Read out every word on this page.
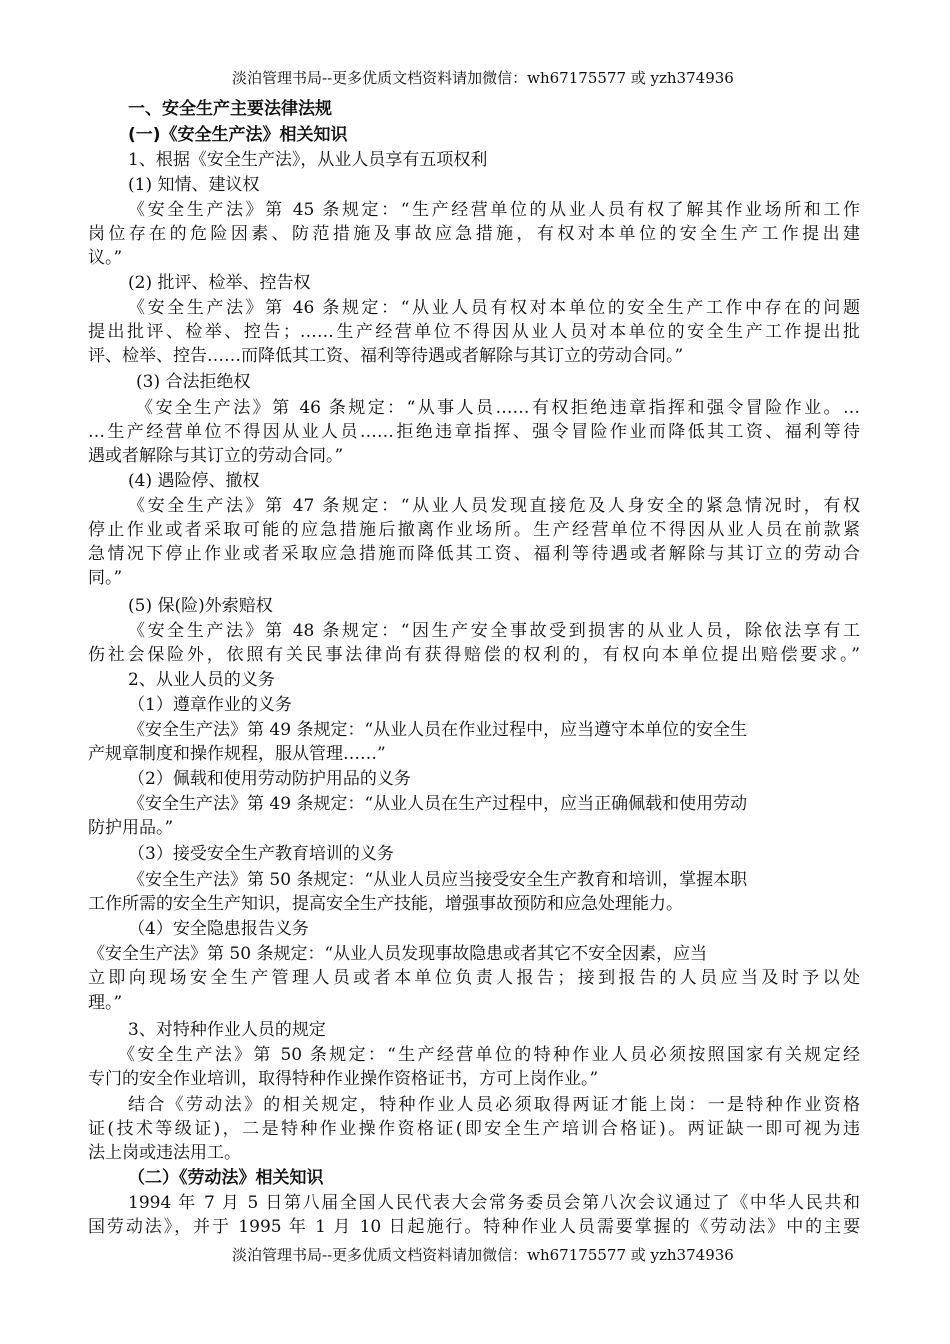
淡泊管理书局--更多优质文档资料请加微信：wh67175577 或 yzh374936
一、安全生产主要法律法规
(一)《安全生产法》相关知识
1、根据《安全生产法》，从业人员享有五项权利
(1) 知情、建议权
《安全生产法》第 45 条规定：“生产经营单位的从业人员有权了解其作业场所和工作
岗位存在的危险因素、防范措施及事故应急措施，有权对本单位的安全生产工作提出建
议。”
(2) 批评、检举、控告权
《安全生产法》第 46 条规定：“从业人员有权对本单位的安全生产工作中存在的问题
提出批评、检举、控告；……生产经营单位不得因从业人员对本单位的安全生产工作提出批
评、检举、控告……而降低其工资、福利等待遇或者解除与其订立的劳动合同。”
(3) 合法拒绝权
《安全生产法》第 46 条规定：“从事人员……有权拒绝违章指挥和强令冒险作业。…
…生产经营单位不得因从业人员……拒绝违章指挥、强令冒险作业而降低其工资、福利等待
遇或者解除与其订立的劳动合同。”
(4) 遇险停、撤权
《安全生产法》第 47 条规定：“从业人员发现直接危及人身安全的紧急情况时，有权
停止作业或者采取可能的应急措施后撤离作业场所。生产经营单位不得因从业人员在前款紧
急情况下停止作业或者采取应急措施而降低其工资、福利等待遇或者解除与其订立的劳动合
同。”
(5) 保(险)外索赔权
《安全生产法》第 48 条规定：“因生产安全事故受到损害的从业人员，除依法享有工
伤社会保险外，依照有关民事法律尚有获得赔偿的权利的，有权向本单位提出赔偿要求。”
2、从业人员的义务
（1）遵章作业的义务
《安全生产法》第 49 条规定：“从业人员在作业过程中，应当遵守本单位的安全生
产规章制度和操作规程，服从管理……”
（2）佩载和使用劳动防护用品的义务
《安全生产法》第 49 条规定：“从业人员在生产过程中，应当正确佩载和使用劳动
防护用品。”
（3）接受安全生产教育培训的义务
《安全生产法》第 50 条规定：“从业人员应当接受安全生产教育和培训，掌握本职
工作所需的安全生产知识，提高安全生产技能，增强事故预防和应急处理能力。
（4）安全隐患报告义务
《安全生产法》第 50 条规定：“从业人员发现事故隐患或者其它不安全因素，应当
立即向现场安全生产管理人员或者本单位负责人报告；接到报告的人员应当及时予以处
理。”
3、对特种作业人员的规定
《安全生产法》第 50 条规定：“生产经营单位的特种作业人员必须按照国家有关规定经
专门的安全作业培训，取得特种作业操作资格证书，方可上岗作业。”
结合《劳动法》的相关规定，特种作业人员必须取得两证才能上岗：一是特种作业资格
证(技术等级证)，二是特种作业操作资格证(即安全生产培训合格证)。两证缺一即可视为违
法上岗或违法用工。
（二）《劳动法》相关知识
1994 年 7 月 5 日第八届全国人民代表大会常务委员会第八次会议通过了《中华人民共和
国劳动法》，并于 1995 年 1 月 10 日起施行。特种作业人员需要掌握的《劳动法》中的主要
淡泊管理书局--更多优质文档资料请加微信：wh67175577 或 yzh374936
